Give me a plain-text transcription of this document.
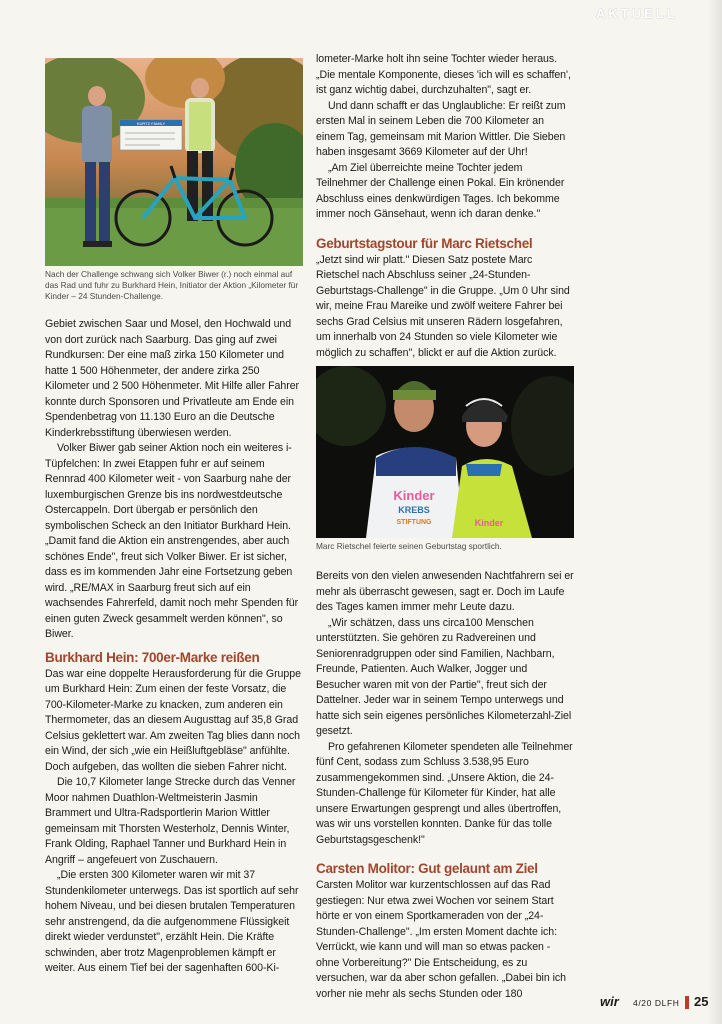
AKTUELL
KURTZ FAMILY

Nach der Challenge schwang sich Volker Biwer (r.) noch einmal auf das Rad und fuhr zu Burkhard Hein, Initiator der Aktion „Kilometer für Kinder – 24 Stunden-Challenge.

Gebiet zwischen Saar und Mosel, den Hochwald und von dort zurück nach Saarburg. Das ging auf zwei Rundkursen: Der eine maß zirka 150 Kilometer und hatte 1 500 Höhenmeter, der andere zirka 250 Kilometer und 2 500 Höhenmeter. Mit Hilfe aller Fahrer konnte durch Sponsoren und Privatleute am Ende ein Spendenbetrag von 11.130 Euro an die Deutsche Kinderkrebsstiftung überwiesen werden.

Volker Biwer gab seiner Aktion noch ein weiteres i-Tüpfelchen: In zwei Etappen fuhr er auf seinem Rennrad 400 Kilometer weit - von Saarburg nahe der luxemburgischen Grenze bis ins nordwestdeutsche Ostercappeln. Dort übergab er persönlich den symbolischen Scheck an den Initiator Burkhard Hein. „Damit fand die Aktion ein anstrengendes, aber auch schönes Ende", freut sich Volker Biwer. Er ist sicher, dass es im kommenden Jahr eine Fortsetzung geben wird. „RE/MAX in Saarburg freut sich auf ein wachsendes Fahrerfeld, damit noch mehr Spenden für einen guten Zweck gesammelt werden können", so Biwer.

Burkhard Hein: 700er-Marke reißen

Das war eine doppelte Herausforderung für die Gruppe um Burkhard Hein: Zum einen der feste Vorsatz, die 700-Kilometer-Marke zu knacken, zum anderen ein Thermometer, das an diesem Augusttag auf 35,8 Grad Celsius geklettert war. Am zweiten Tag blies dann noch ein Wind, der sich „wie ein Heißluftgebläse" anfühlte. Doch aufgeben, das wollten die sieben Fahrer nicht.

Die 10,7 Kilometer lange Strecke durch das Venner Moor nahmen Duathlon-Weltmeisterin Jasmin Brammert und Ultra-Radsportlerin Marion Wittler gemeinsam mit Thorsten Westerholz, Dennis Winter, Frank Olding, Raphael Tanner und Burkhard Hein in Angriff – angefeuert von Zuschauern.

„Die ersten 300 Kilometer waren wir mit 37 Stundenkilometer unterwegs. Das ist sportlich auf sehr hohem Niveau, und bei diesen brutalen Temperaturen sehr anstrengend, da die aufgenommene Flüssigkeit direkt wieder verdunstet", erzählt Hein. Die Kräfte schwinden, aber trotz Magenproblemen kämpft er weiter. Aus einem Tief bei der sagenhaften 600-Ki-

lometer-Marke holt ihn seine Tochter wieder heraus. „Die mentale Komponente, dieses 'ich will es schaffen', ist ganz wichtig dabei, durchzuhalten", sagt er.

Und dann schafft er das Unglaubliche: Er reißt zum ersten Mal in seinem Leben die 700 Kilometer an einem Tag, gemeinsam mit Marion Wittler. Die Sieben haben insgesamt 3669 Kilometer auf der Uhr!

„Am Ziel überreichte meine Tochter jedem Teilnehmer der Challenge einen Pokal. Ein krönender Abschluss eines denkwürdigen Tages. Ich bekomme immer noch Gänsehaut, wenn ich daran denke."

Geburtstagstour für Marc Rietschel

„Jetzt sind wir platt." Diesen Satz postete Marc Rietschel nach Abschluss seiner „24-Stunden-Geburtstags-Challenge" in die Gruppe. „Um 0 Uhr sind wir, meine Frau Mareike und zwölf weitere Fahrer bei sechs Grad Celsius mit unseren Rädern losgefahren, um innerhalb von 24 Stunden so viele Kilometer wie möglich zu schaffen", blickt er auf die Aktion zurück.

Kinder
KREBS
STIFTUNG	Kinder

Marc Rietschel feierte seinen Geburtstag sportlich.

Bereits von den vielen anwesenden Nachtfahrern sei er mehr als überrascht gewesen, sagt er. Doch im Laufe des Tages kamen immer mehr Leute dazu.

„Wir schätzen, dass uns circa100 Menschen unterstützten. Sie gehören zu Radvereinen und Seniorenradgruppen oder sind Familien, Nachbarn, Freunde, Patienten. Auch Walker, Jogger und Besucher waren mit von der Partie", freut sich der Dattelner. Jeder war in seinem Tempo unterwegs und hatte sich sein eigenes persönliches Kilometerzahl-Ziel gesetzt.

Pro gefahrenen Kilometer spendeten alle Teilnehmer fünf Cent, sodass zum Schluss 3.538,95 Euro zusammengekommen sind. „Unsere Aktion, die 24-Stunden-Challenge für Kilometer für Kinder, hat alle unsere Erwartungen gesprengt und alles übertroffen, was wir uns vorstellen konnten. Danke für das tolle Geburtstagsgeschenk!"

Carsten Molitor: Gut gelaunt am Ziel

Carsten Molitor war kurzentschlossen auf das Rad gestiegen: Nur etwa zwei Wochen vor seinem Start hörte er von einem Sportkameraden von der „24-Stunden-Challenge". „Im ersten Moment dachte ich: Verrückt, wie kann und will man so etwas packen - ohne Vorbereitung?" Die Entscheidung, es zu versuchen, war da aber schon gefallen. „Dabei bin ich vorher nie mehr als sechs Stunden oder 180

wir 4/20 DLFH 25
